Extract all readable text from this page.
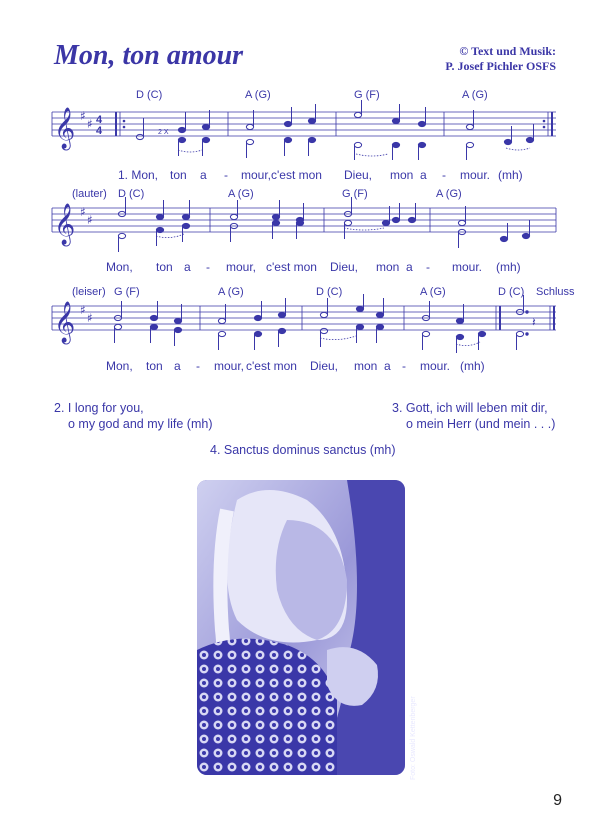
Mon, ton amour	© Text und Musik:
P. Josef Pichler OSFS
D (C)	A (G)	G (F)	A (G)
𝄞 ♯
♯ 4
4	2 X
1. Mon, ton a - mour, c'est mon Dieu, mon a - mour. (mh)
(lauter) D (C)	A (G)	G (F)	A (G)
𝄞 ♯
♯
Mon, ton a - mour, c'est mon Dieu, mon a - mour. (mh)
(leiser) G (F)	A (G)	D (C)	A (G)	D (C) Schluss
𝄞 ♯
♯	𝄽
Mon, ton a - mour, c'est mon Dieu, mon a - mour. (mh)
2. I long for you,
o my god and my life (mh)
3. Gott, ich will leben mit dir,
o mein Herr (und mein . . .)
4. Sanctus dominus sanctus (mh)
Foto: Oswald Kettenberger
9
